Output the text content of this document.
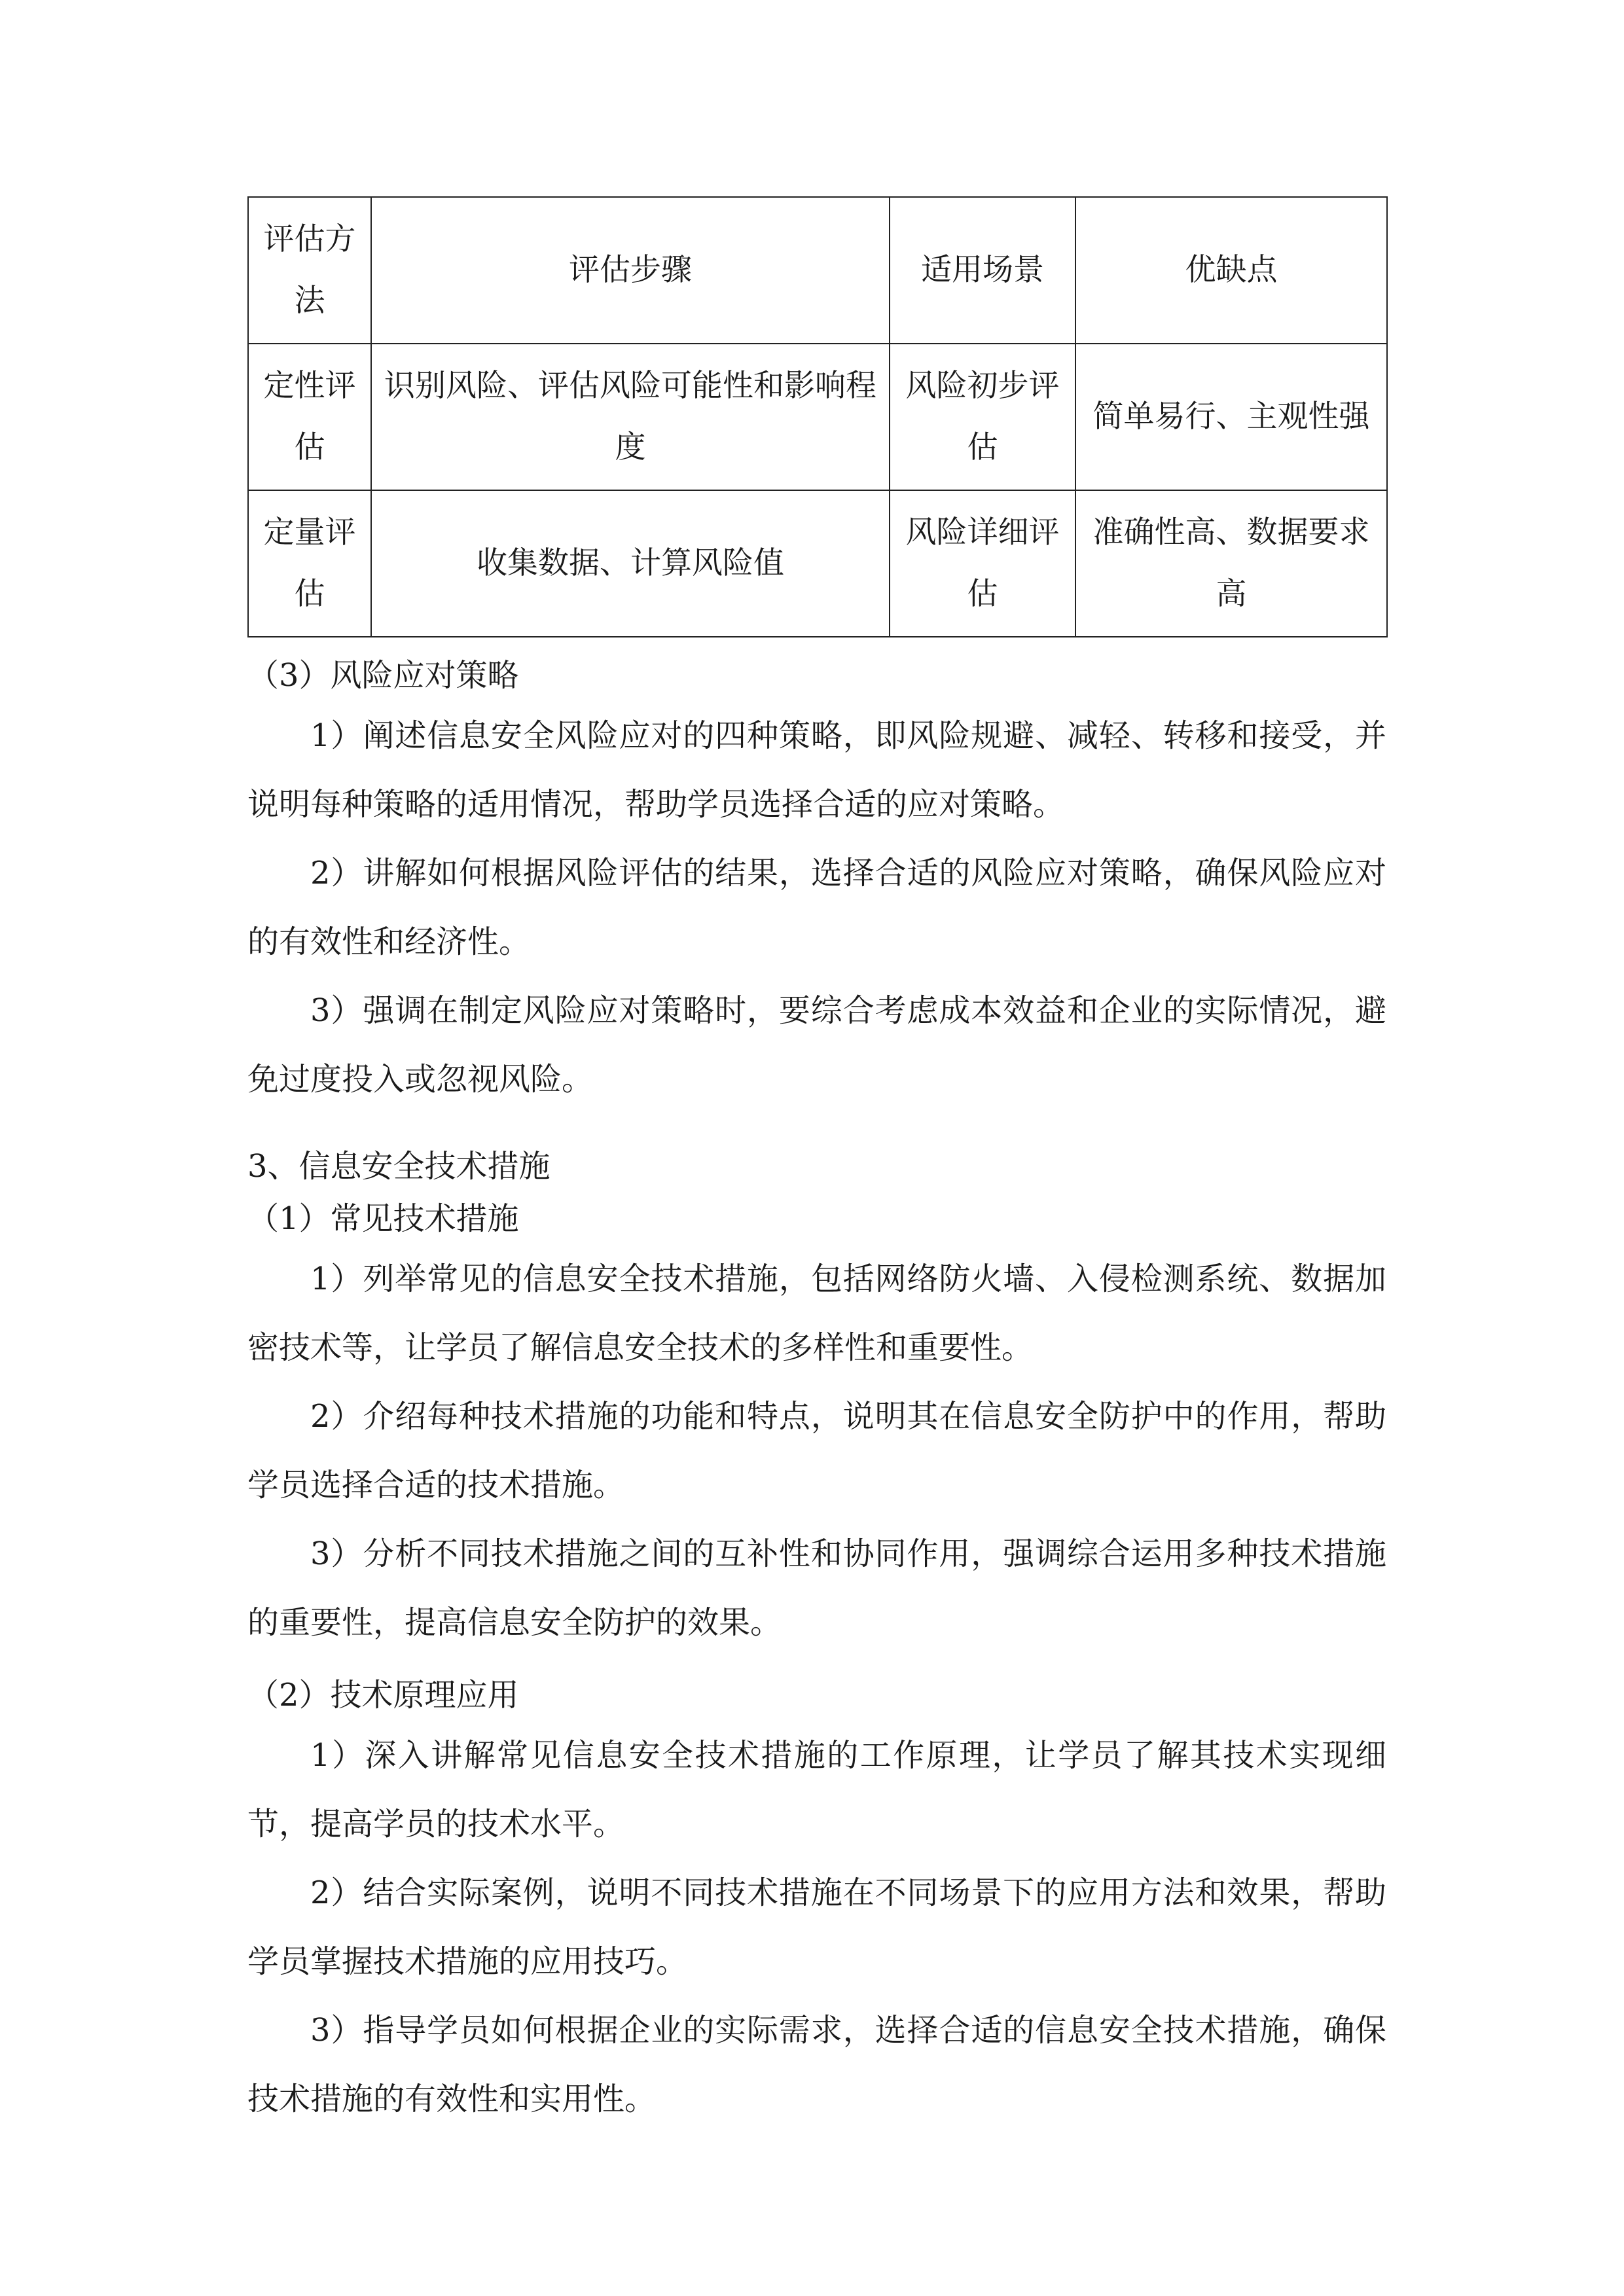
评估方法	评估步骤	适用场景	优缺点
定性评估	识别风险、评估风险可能性和影响程度	风险初步评估	简单易行、主观性强
定量评估	收集数据、计算风险值	风险详细评估	准确性高、数据要求高

（3）风险应对策略

1）阐述信息安全风险应对的四种策略，即风险规避、减轻、转移和接受，并说明每种策略的适用情况，帮助学员选择合适的应对策略。

2）讲解如何根据风险评估的结果，选择合适的风险应对策略，确保风险应对的有效性和经济性。

3）强调在制定风险应对策略时，要综合考虑成本效益和企业的实际情况，避免过度投入或忽视风险。

3、信息安全技术措施

（1）常见技术措施

1）列举常见的信息安全技术措施，包括网络防火墙、入侵检测系统、数据加密技术等，让学员了解信息安全技术的多样性和重要性。

2）介绍每种技术措施的功能和特点，说明其在信息安全防护中的作用，帮助学员选择合适的技术措施。

3）分析不同技术措施之间的互补性和协同作用，强调综合运用多种技术措施的重要性，提高信息安全防护的效果。

（2）技术原理应用

1）深入讲解常见信息安全技术措施的工作原理，让学员了解其技术实现细节，提高学员的技术水平。

2）结合实际案例，说明不同技术措施在不同场景下的应用方法和效果，帮助学员掌握技术措施的应用技巧。

3）指导学员如何根据企业的实际需求，选择合适的信息安全技术措施，确保技术措施的有效性和实用性。
